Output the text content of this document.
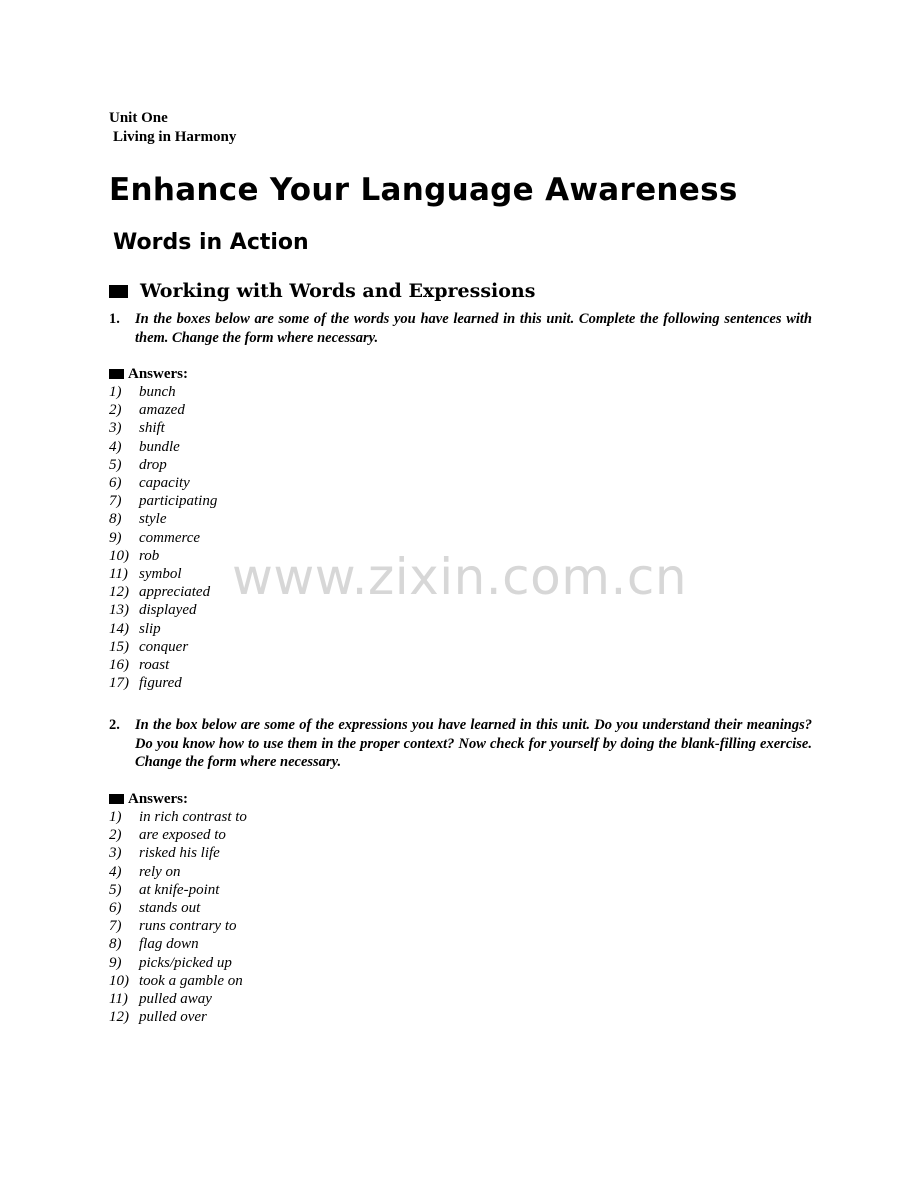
Unit One
Living in Harmony
Enhance Your Language Awareness
Words in Action
Working with Words and Expressions
1.	In the boxes below are some of the words you have learned in this unit. Complete the following sentences with them. Change the form where necessary.
Answers:
1)	bunch
2)	amazed
3)	shift
4)	bundle
5)	drop
6)	capacity
7)	participating
8)	style
9)	commerce
10) rob
11) symbol
12) appreciated
13) displayed
14) slip
15) conquer
16) roast
17) figured
2.	In the box below are some of the expressions you have learned in this unit. Do you understand their meanings? Do you know how to use them in the proper context? Now check for yourself by doing the blank-filling exercise. Change the form where necessary.
Answers:
1)	in rich contrast to
2)	are exposed to
3)	risked his life
4)	rely on
5)	at knife-point
6)	stands out
7)	runs contrary to
8)	flag down
9)	picks/picked up
10) took a gamble on
11) pulled away
12) pulled over
www.zixin.com.cn
